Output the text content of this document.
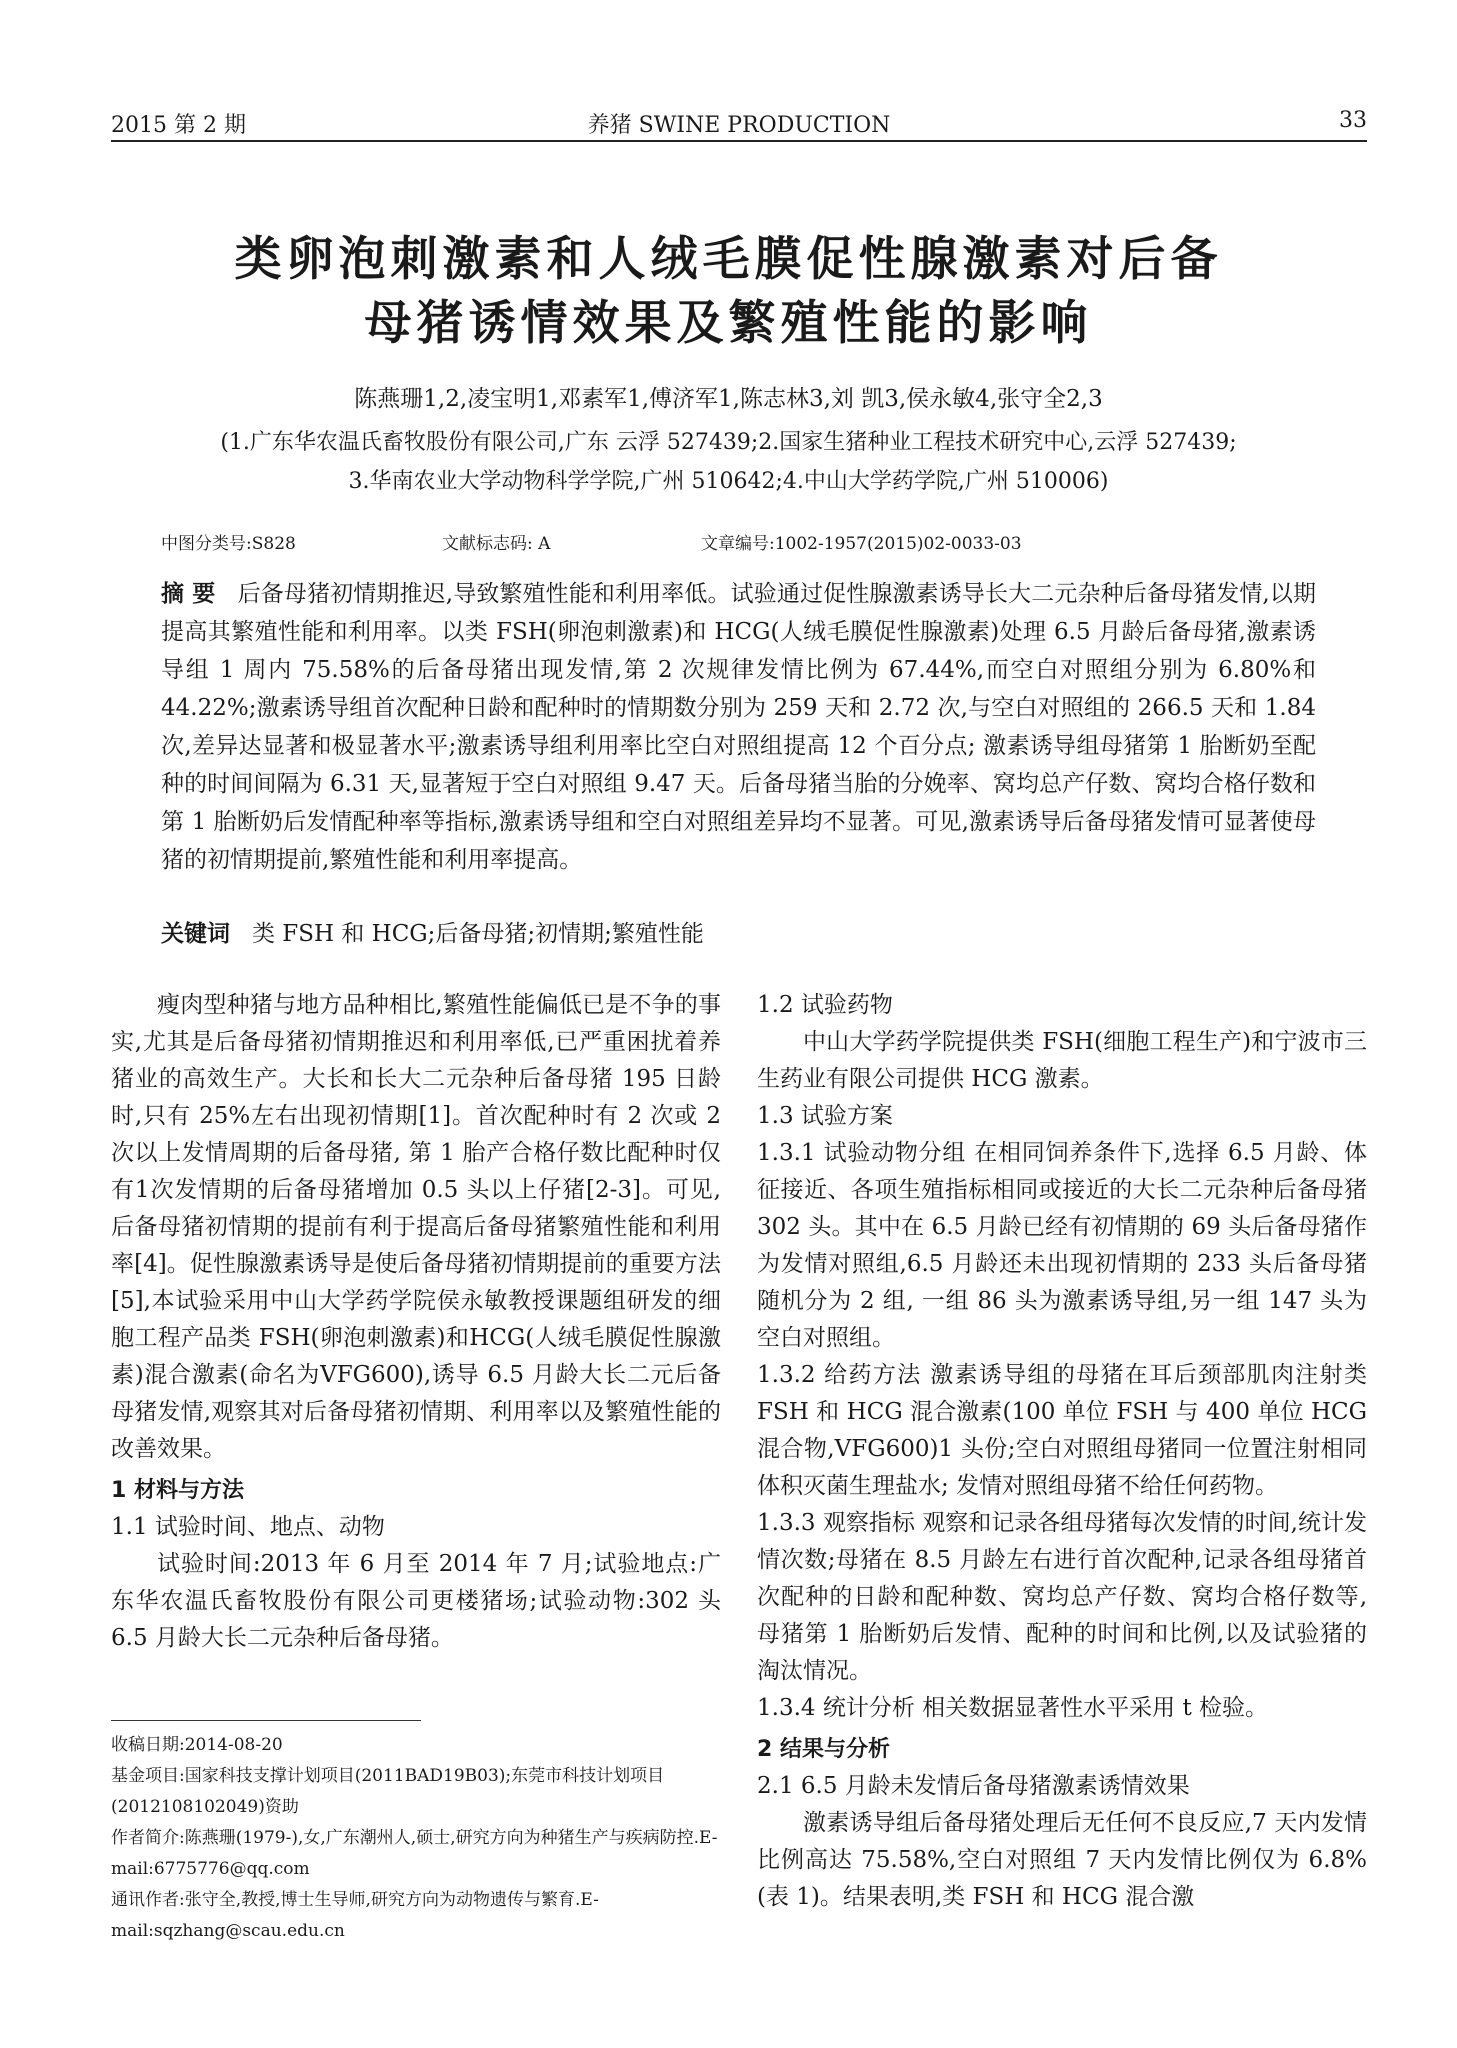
2015 第 2 期	养猪 SWINE PRODUCTION	33
类卵泡刺激素和人绒毛膜促性腺激素对后备
母猪诱情效果及繁殖性能的影响
陈燕珊1,2,凌宝明1,邓素军1,傅济军1,陈志林3,刘 凯3,侯永敏4,张守全2,3
(1.广东华农温氏畜牧股份有限公司,广东 云浮 527439;2.国家生猪种业工程技术研究中心,云浮 527439;
3.华南农业大学动物科学学院,广州 510642;4.中山大学药学院,广州 510006)
中图分类号:S828	文献标志码: A	文章编号:1002-1957(2015)02-0033-03
摘 要 后备母猪初情期推迟,导致繁殖性能和利用率低。试验通过促性腺激素诱导长大二元杂种后备母猪发情,以期提高其繁殖性能和利用率。以类 FSH(卵泡刺激素)和 HCG(人绒毛膜促性腺激素)处理 6.5 月龄后备母猪,激素诱导组 1 周内 75.58%的后备母猪出现发情,第 2 次规律发情比例为 67.44%,而空白对照组分别为 6.80%和 44.22%;激素诱导组首次配种日龄和配种时的情期数分别为 259 天和 2.72 次,与空白对照组的 266.5 天和 1.84 次,差异达显著和极显著水平;激素诱导组利用率比空白对照组提高 12 个百分点; 激素诱导组母猪第 1 胎断奶至配种的时间间隔为 6.31 天,显著短于空白对照组 9.47 天。后备母猪当胎的分娩率、窝均总产仔数、窝均合格仔数和第 1 胎断奶后发情配种率等指标,激素诱导组和空白对照组差异均不显著。可见,激素诱导后备母猪发情可显著使母猪的初情期提前,繁殖性能和利用率提高。
关键词 类 FSH 和 HCG;后备母猪;初情期;繁殖性能

瘦肉型种猪与地方品种相比,繁殖性能偏低已是不争的事实,尤其是后备母猪初情期推迟和利用率低,已严重困扰着养猪业的高效生产。大长和长大二元杂种后备母猪 195 日龄时,只有 25%左右出现初情期[1]。首次配种时有 2 次或 2 次以上发情周期的后备母猪, 第 1 胎产合格仔数比配种时仅有1次发情期的后备母猪增加 0.5 头以上仔猪[2-3]。可见,后备母猪初情期的提前有利于提高后备母猪繁殖性能和利用率[4]。促性腺激素诱导是使后备母猪初情期提前的重要方法[5],本试验采用中山大学药学院侯永敏教授课题组研发的细胞工程产品类 FSH(卵泡刺激素)和HCG(人绒毛膜促性腺激素)混合激素(命名为VFG600),诱导 6.5 月龄大长二元后备母猪发情,观察其对后备母猪初情期、利用率以及繁殖性能的改善效果。

1 材料与方法

1.1 试验时间、地点、动物

试验时间:2013 年 6 月至 2014 年 7 月;试验地点:广东华农温氏畜牧股份有限公司更楼猪场;试验动物:302 头 6.5 月龄大长二元杂种后备母猪。

收稿日期:2014-08-20

基金项目:国家科技支撑计划项目(2011BAD19B03);东莞市科技计划项目(2012108102049)资助

作者简介:陈燕珊(1979-),女,广东潮州人,硕士,研究方向为种猪生产与疾病防控.E-mail:6775776@qq.com

通讯作者:张守全,教授,博士生导师,研究方向为动物遗传与繁育.E-mail:sqzhang@scau.edu.cn

1.2 试验药物

中山大学药学院提供类 FSH(细胞工程生产)和宁波市三生药业有限公司提供 HCG 激素。

1.3 试验方案

1.3.1 试验动物分组 在相同饲养条件下,选择 6.5 月龄、体征接近、各项生殖指标相同或接近的大长二元杂种后备母猪 302 头。其中在 6.5 月龄已经有初情期的 69 头后备母猪作为发情对照组,6.5 月龄还未出现初情期的 233 头后备母猪随机分为 2 组, 一组 86 头为激素诱导组,另一组 147 头为空白对照组。

1.3.2 给药方法 激素诱导组的母猪在耳后颈部肌肉注射类 FSH 和 HCG 混合激素(100 单位 FSH 与 400 单位 HCG 混合物,VFG600)1 头份;空白对照组母猪同一位置注射相同体积灭菌生理盐水; 发情对照组母猪不给任何药物。

1.3.3 观察指标 观察和记录各组母猪每次发情的时间,统计发情次数;母猪在 8.5 月龄左右进行首次配种,记录各组母猪首次配种的日龄和配种数、窝均总产仔数、窝均合格仔数等, 母猪第 1 胎断奶后发情、配种的时间和比例,以及试验猪的淘汰情况。

1.3.4 统计分析 相关数据显著性水平采用 t 检验。

2 结果与分析

2.1 6.5 月龄未发情后备母猪激素诱情效果

激素诱导组后备母猪处理后无任何不良反应,7 天内发情比例高达 75.58%,空白对照组 7 天内发情比例仅为 6.8%(表 1)。结果表明,类 FSH 和 HCG 混合激
